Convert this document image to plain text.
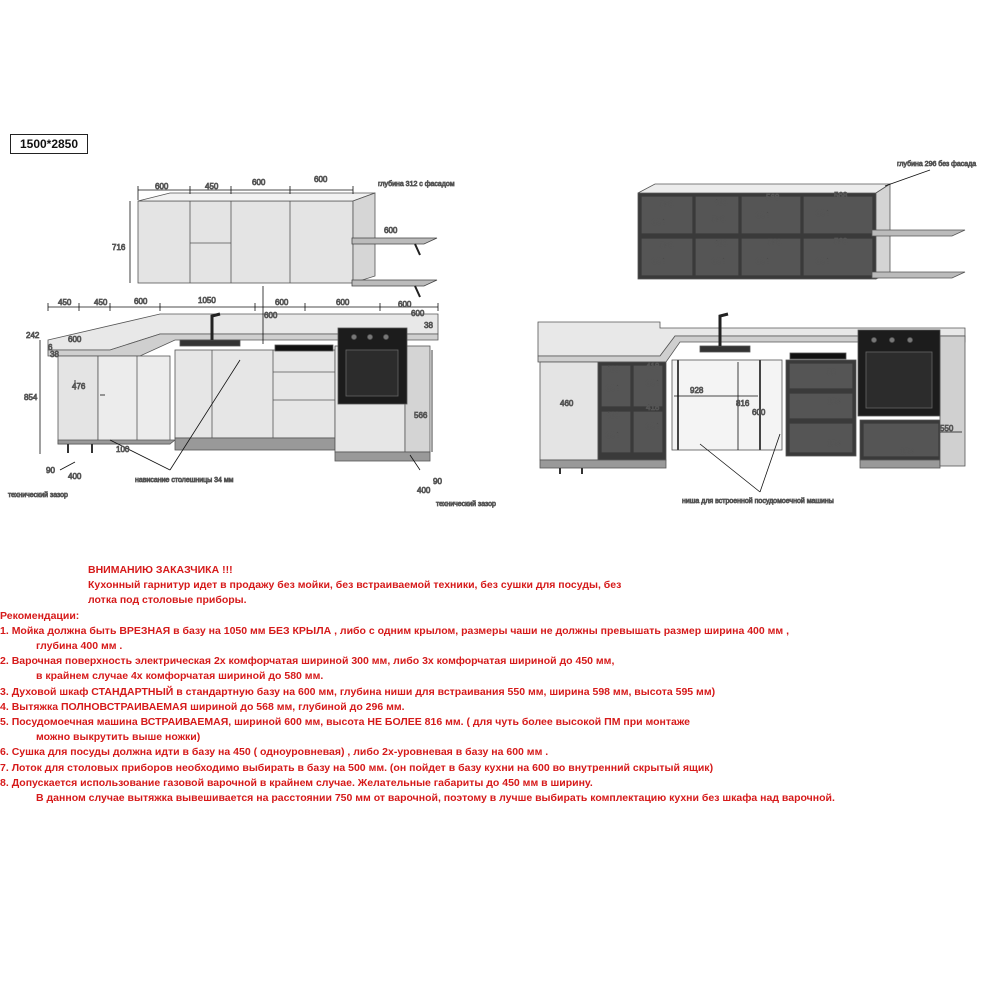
1500*2850
600	450	600	600
716
глубина 312 с фасадом
600
450	450	600	1050	600	600	600
242
6
600
38
38
600
600
854
476
566
100
90
400
400
90
нависание столешницы 34 мм
технический зазор
технический зазор
глубина 296 без фасада
568	418
568	568
334	568	334	334
568	418	568	568
334	334	334	334
418	418
334
334
418
418
334
334
460
928
816
600
55
159
159
159
550
ниша для встроенной посудомоечной машины
ВНИМАНИЮ ЗАКАЗЧИКА !!!
Кухонный гарнитур идет в продажу без мойки, без встраиваемой техники, без сушки для посуды, без
лотка под столовые приборы.
Рекомендации:
1. Мойка должна быть ВРЕЗНАЯ в базу на 1050 мм БЕЗ КРЫЛА , либо с одним крылом, размеры чаши не должны превышать размер ширина 400 мм ,
глубина 400 мм .
2. Варочная поверхность электрическая 2х комфорчатая шириной 300 мм, либо 3х комфорчатая шириной до 450 мм,
в крайнем случае 4х комфорчатая шириной до 580 мм.
3. Духовой шкаф СТАНДАРТНЫЙ в стандартную базу на 600 мм, глубина ниши для встраивания 550 мм, ширина 598 мм, высота 595 мм)
4. Вытяжка ПОЛНОВСТРАИВАЕМАЯ шириной до 568 мм, глубиной до 296 мм.
5. Посудомоечная машина ВСТРАИВАЕМАЯ, шириной 600 мм, высота НЕ БОЛЕЕ 816 мм. ( для чуть более высокой ПМ при монтаже
можно выкрутить выше ножки)
6. Сушка для посуды должна идти в базу на 450 ( одноуровневая) , либо 2х-уровневая в базу на 600 мм .
7. Лоток для столовых приборов необходимо выбирать в базу на 500 мм. (он пойдет в базу кухни на 600 во внутренний скрытый ящик)
8. Допускается использование газовой варочной в крайнем случае. Желательные габариты до 450 мм в ширину.
В данном случае вытяжка вывешивается на расстоянии 750 мм от варочной, поэтому в лучше выбирать комплектацию кухни без шкафа над варочной.
